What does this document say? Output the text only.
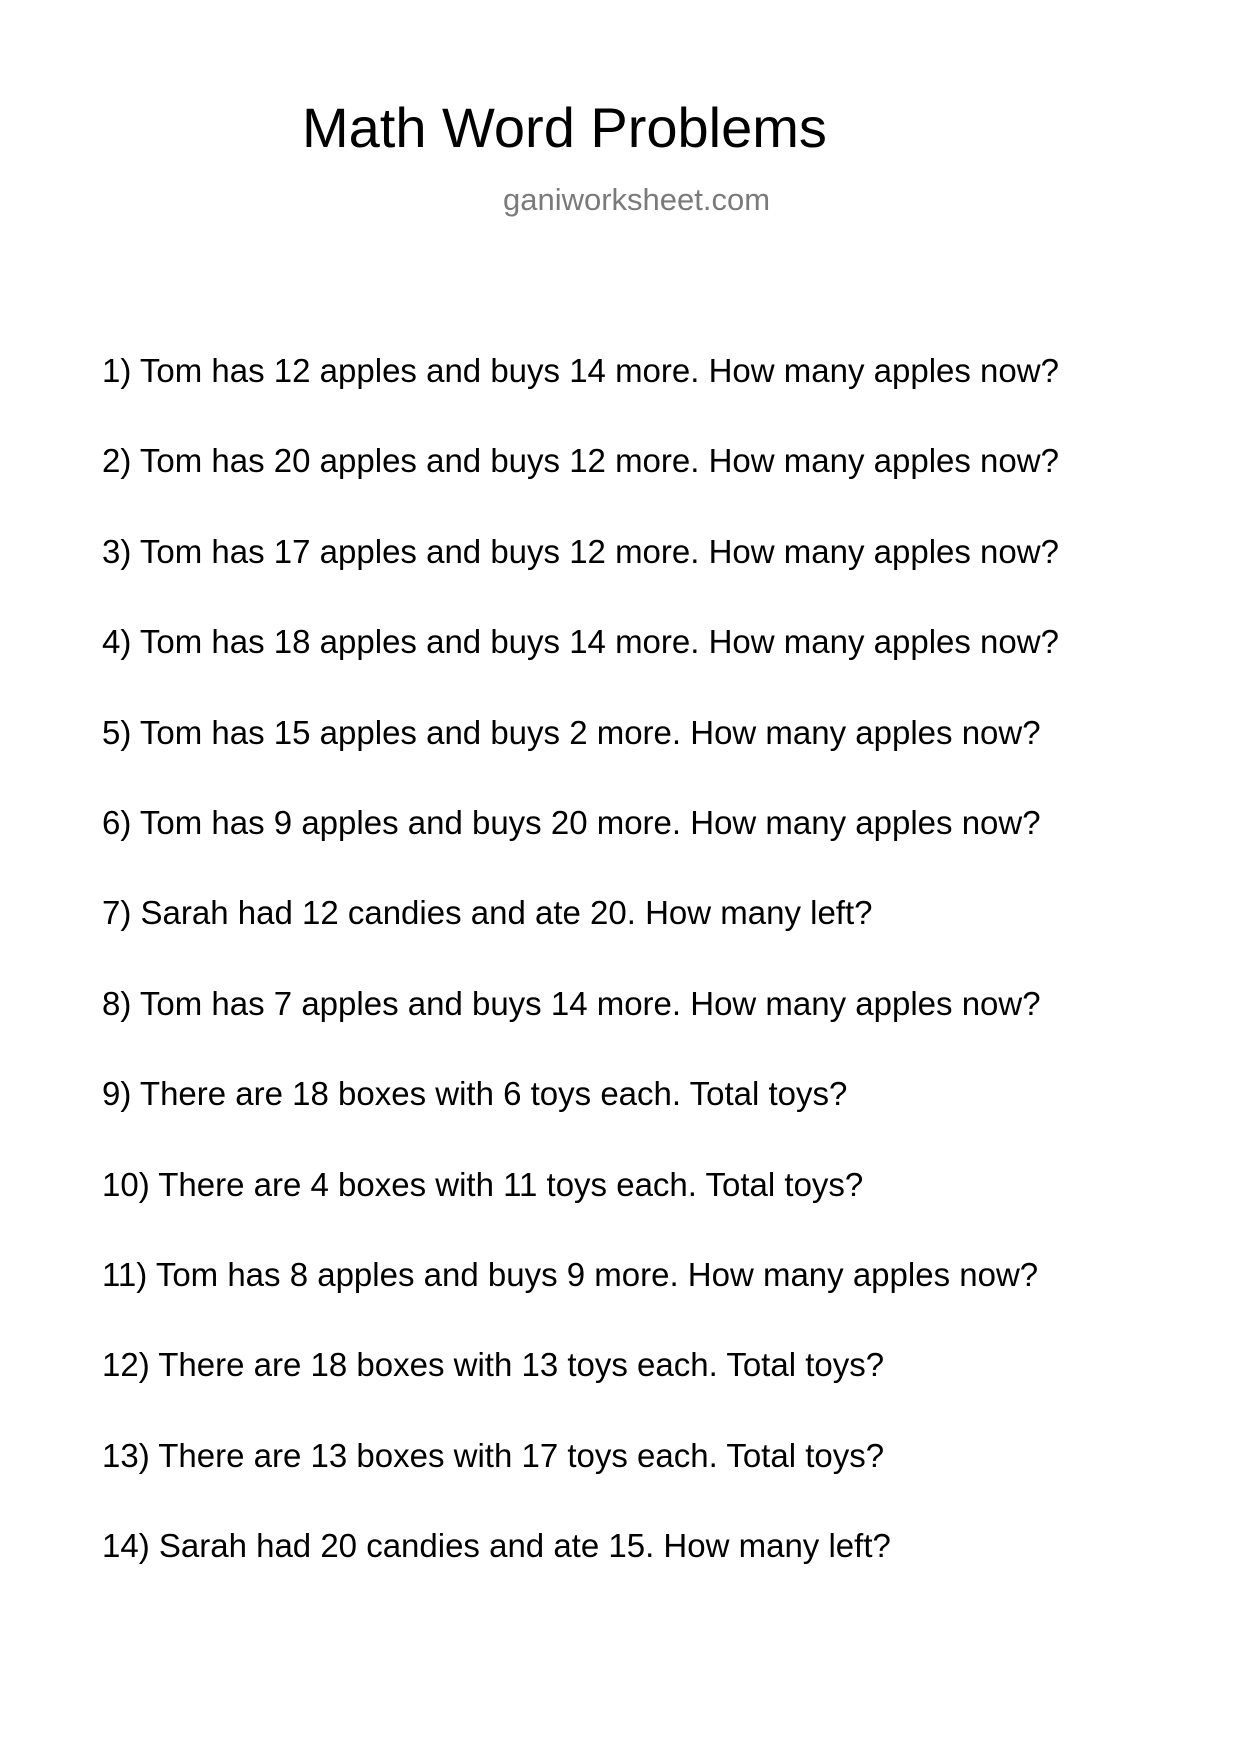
Math Word Problems

ganiworksheet.com

1) Tom has 12 apples and buys 14 more. How many apples now?
2) Tom has 20 apples and buys 12 more. How many apples now?
3) Tom has 17 apples and buys 12 more. How many apples now?
4) Tom has 18 apples and buys 14 more. How many apples now?
5) Tom has 15 apples and buys 2 more. How many apples now?
6) Tom has 9 apples and buys 20 more. How many apples now?
7) Sarah had 12 candies and ate 20. How many left?
8) Tom has 7 apples and buys 14 more. How many apples now?
9) There are 18 boxes with 6 toys each. Total toys?
10) There are 4 boxes with 11 toys each. Total toys?
11) Tom has 8 apples and buys 9 more. How many apples now?
12) There are 18 boxes with 13 toys each. Total toys?
13) There are 13 boxes with 17 toys each. Total toys?
14) Sarah had 20 candies and ate 15. How many left?
